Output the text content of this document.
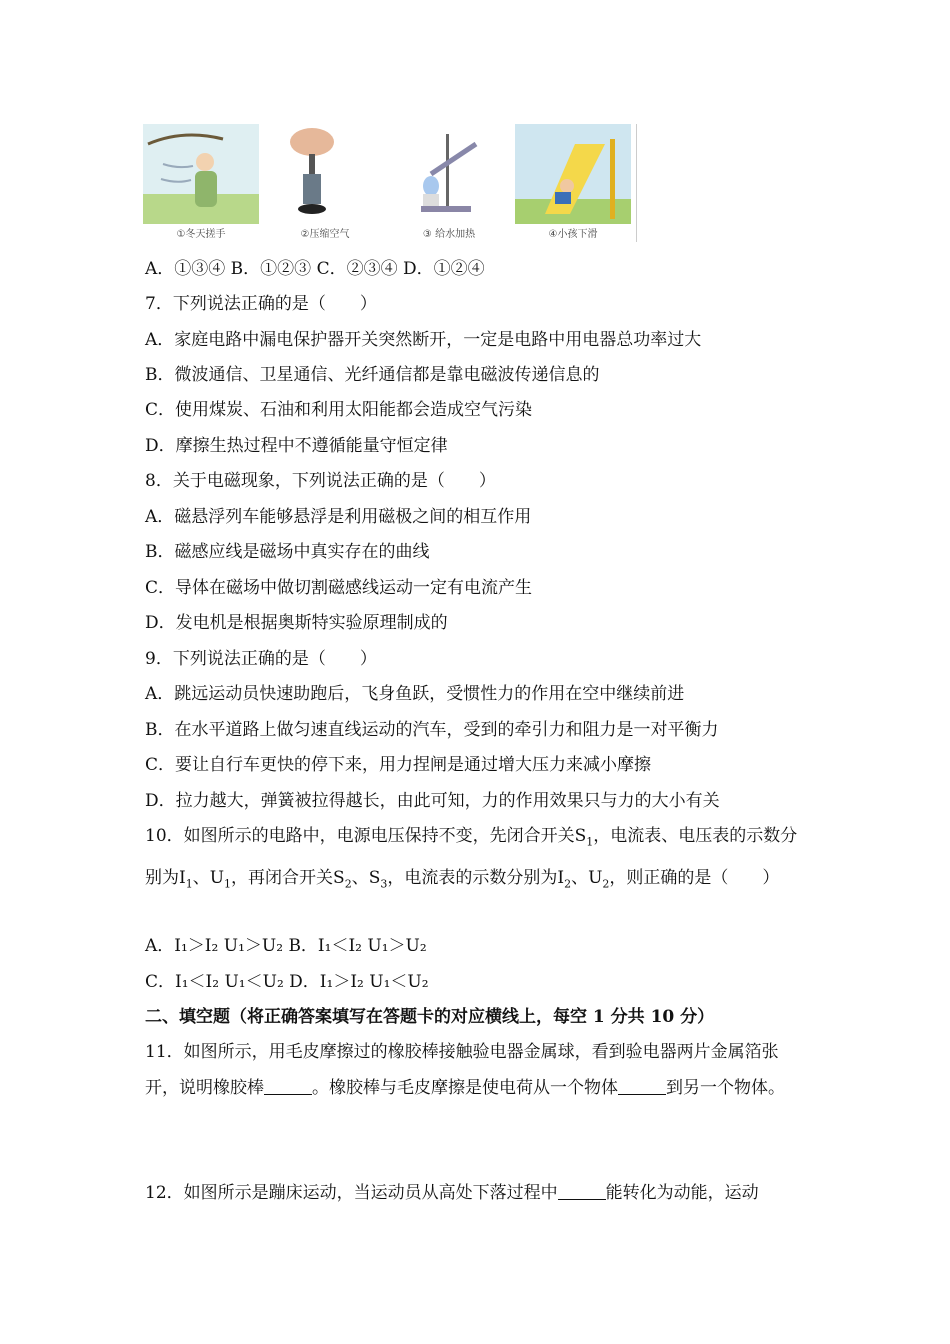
①冬天搓手	②压缩空气	③ 给水加热	④小孩下滑
A．①③④ B．①②③ C．②③④ D．①②④
7．下列说法正确的是（　　）
A．家庭电路中漏电保护器开关突然断开，一定是电路中用电器总功率过大
B．微波通信、卫星通信、光纤通信都是靠电磁波传递信息的
C．使用煤炭、石油和利用太阳能都会造成空气污染
D．摩擦生热过程中不遵循能量守恒定律
8．关于电磁现象，下列说法正确的是（　　）
A．磁悬浮列车能够悬浮是利用磁极之间的相互作用
B．磁感应线是磁场中真实存在的曲线
C．导体在磁场中做切割磁感线运动一定有电流产生
D．发电机是根据奥斯特实验原理制成的
9．下列说法正确的是（　　）
A．跳远运动员快速助跑后，飞身鱼跃，受惯性力的作用在空中继续前进
B．在水平道路上做匀速直线运动的汽车，受到的牵引力和阻力是一对平衡力
C．要让自行车更快的停下来，用力捏闸是通过增大压力来减小摩擦
D．拉力越大，弹簧被拉得越长，由此可知，力的作用效果只与力的大小有关
10．如图所示的电路中，电源电压保持不变，先闭合开关$S_1$，电流表、电压表的示数分别为$I_1$、$U_1$，再闭合开关$S_2$、$S_3$，电流表的示数分别为$I_2$、$U_2$，则正确的是（　　）
A．I₁＞I₂ U₁＞U₂ B．I₁＜I₂ U₁＞U₂
C．I₁＜I₂ U₁＜U₂ D．I₁＞I₂ U₁＜U₂
二、填空题（将正确答案填写在答题卡的对应横线上，每空 1 分共 10 分）
11．如图所示，用毛皮摩擦过的橡胶棒接触验电器金属球，看到验电器两片金属箔张开，说明橡胶棒	。橡胶棒与毛皮摩擦是使电荷从一个物体	到另一个物体。
12．如图所示是蹦床运动，当运动员从高处下落过程中	能转化为动能，运动
